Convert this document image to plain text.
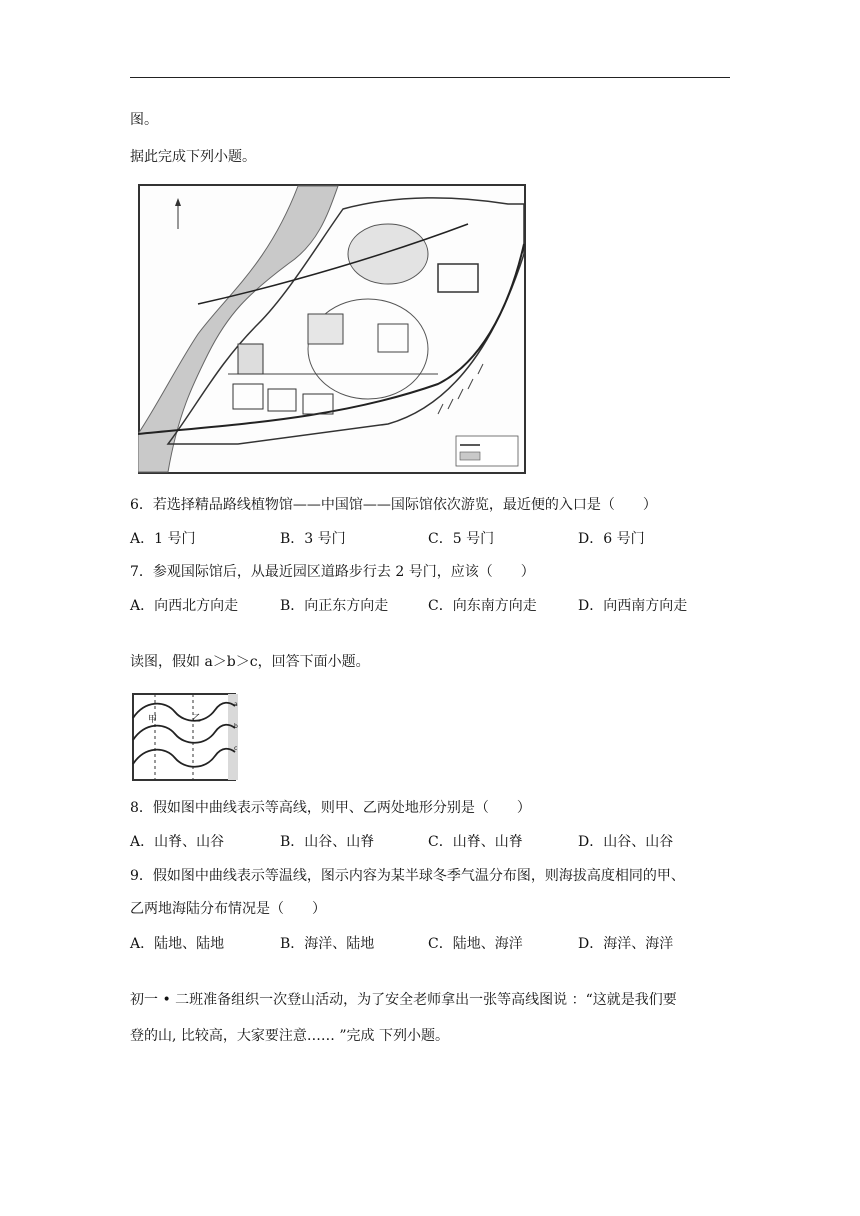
图。
据此完成下列小题。
6．若选择精品路线植物馆——中国馆——国际馆依次游览，最近便的入口是（　　）
A．1 号门	B．3 号门	C．5 号门	D．6 号门
7．参观国际馆后，从最近园区道路步行去 2 号门，应该（　　）
A．向西北方向走	B．向正东方向走	C．向东南方向走	D．向西南方向走
读图，假如 a＞b＞c，回答下面小题。
甲	乙
a
b
c
8．假如图中曲线表示等高线，则甲、乙两处地形分别是（　　）
A．山脊、山谷	B．山谷、山脊	C．山脊、山脊	D．山谷、山谷
9．假如图中曲线表示等温线，图示内容为某半球冬季气温分布图，则海拔高度相同的甲、
乙两地海陆分布情况是（　　）
A．陆地、陆地	B．海洋、陆地	C．陆地、海洋	D．海洋、海洋
初一 • 二班准备组织一次登山活动，为了安全老师拿出一张等高线图说 ：“这就是我们要
登的山, 比较高，大家要注意…… ”完成 下列小题。
